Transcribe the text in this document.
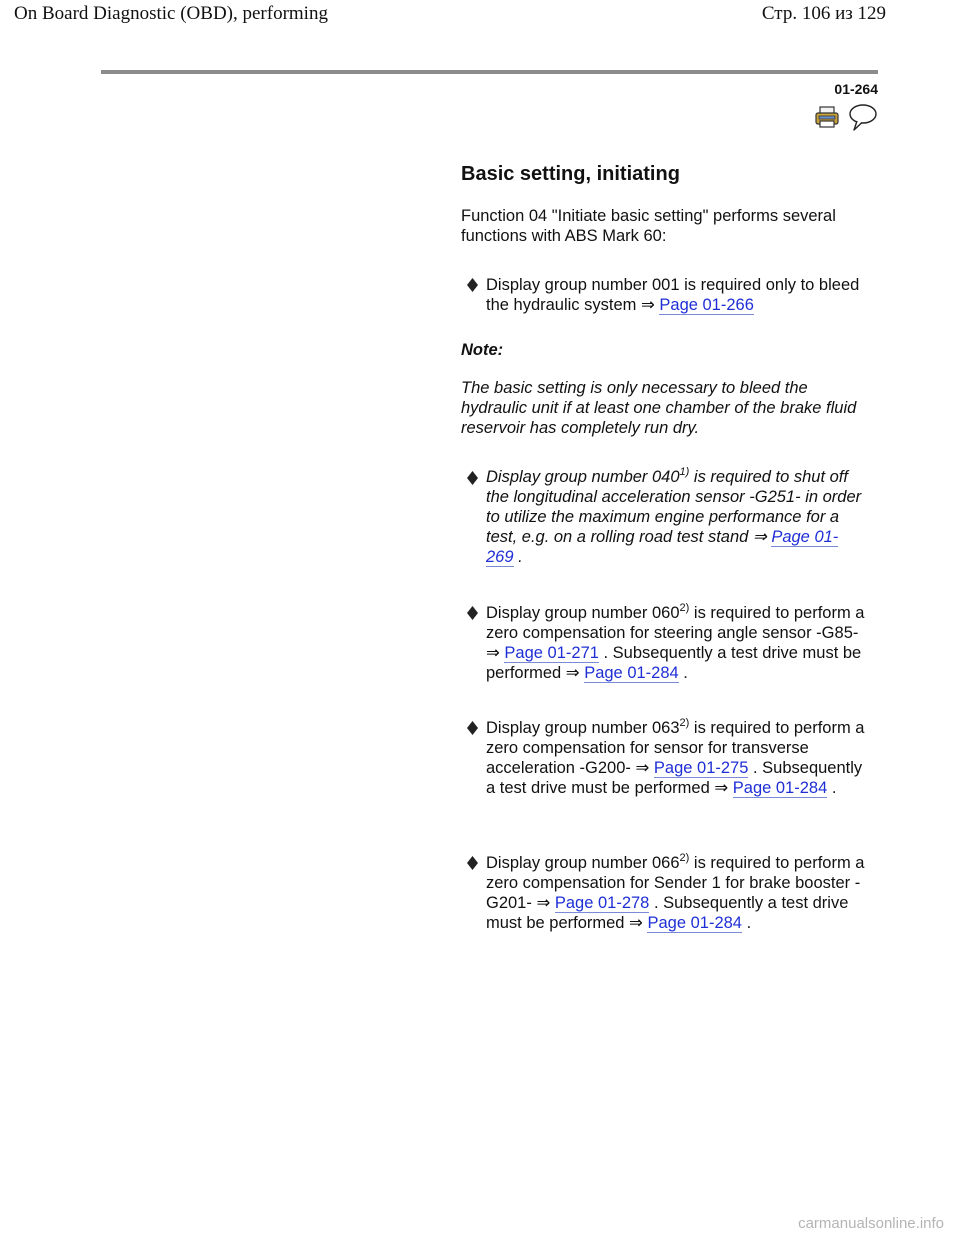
On Board Diagnostic (OBD), performing	Стр. 106 из 129
01-264
Basic setting, initiating
Function 04 "Initiate basic setting" performs several functions with ABS Mark 60:
Display group number 001 is required only to bleed the hydraulic system ⇒ Page 01-266
Note:
The basic setting is only necessary to bleed the hydraulic unit if at least one chamber of the brake fluid reservoir has completely run dry.
Display group number 040$^{1)}$ is required to shut off the longitudinal acceleration sensor -G251- in order to utilize the maximum engine performance for a test, e.g. on a rolling road test stand ⇒ Page 01-269 .
Display group number 060$^{2)}$ is required to perform a zero compensation for steering angle sensor -G85- ⇒ Page 01-271 . Subsequently a test drive must be performed ⇒ Page 01-284 .
Display group number 063$^{2)}$ is required to perform a zero compensation for sensor for transverse acceleration -G200- ⇒ Page 01-275 . Subsequently a test drive must be performed ⇒ Page 01-284 .
Display group number 066$^{2)}$ is required to perform a zero compensation for Sender 1 for brake booster -G201- ⇒ Page 01-278 . Subsequently a test drive must be performed ⇒ Page 01-284 .
carmanualsonline.info
